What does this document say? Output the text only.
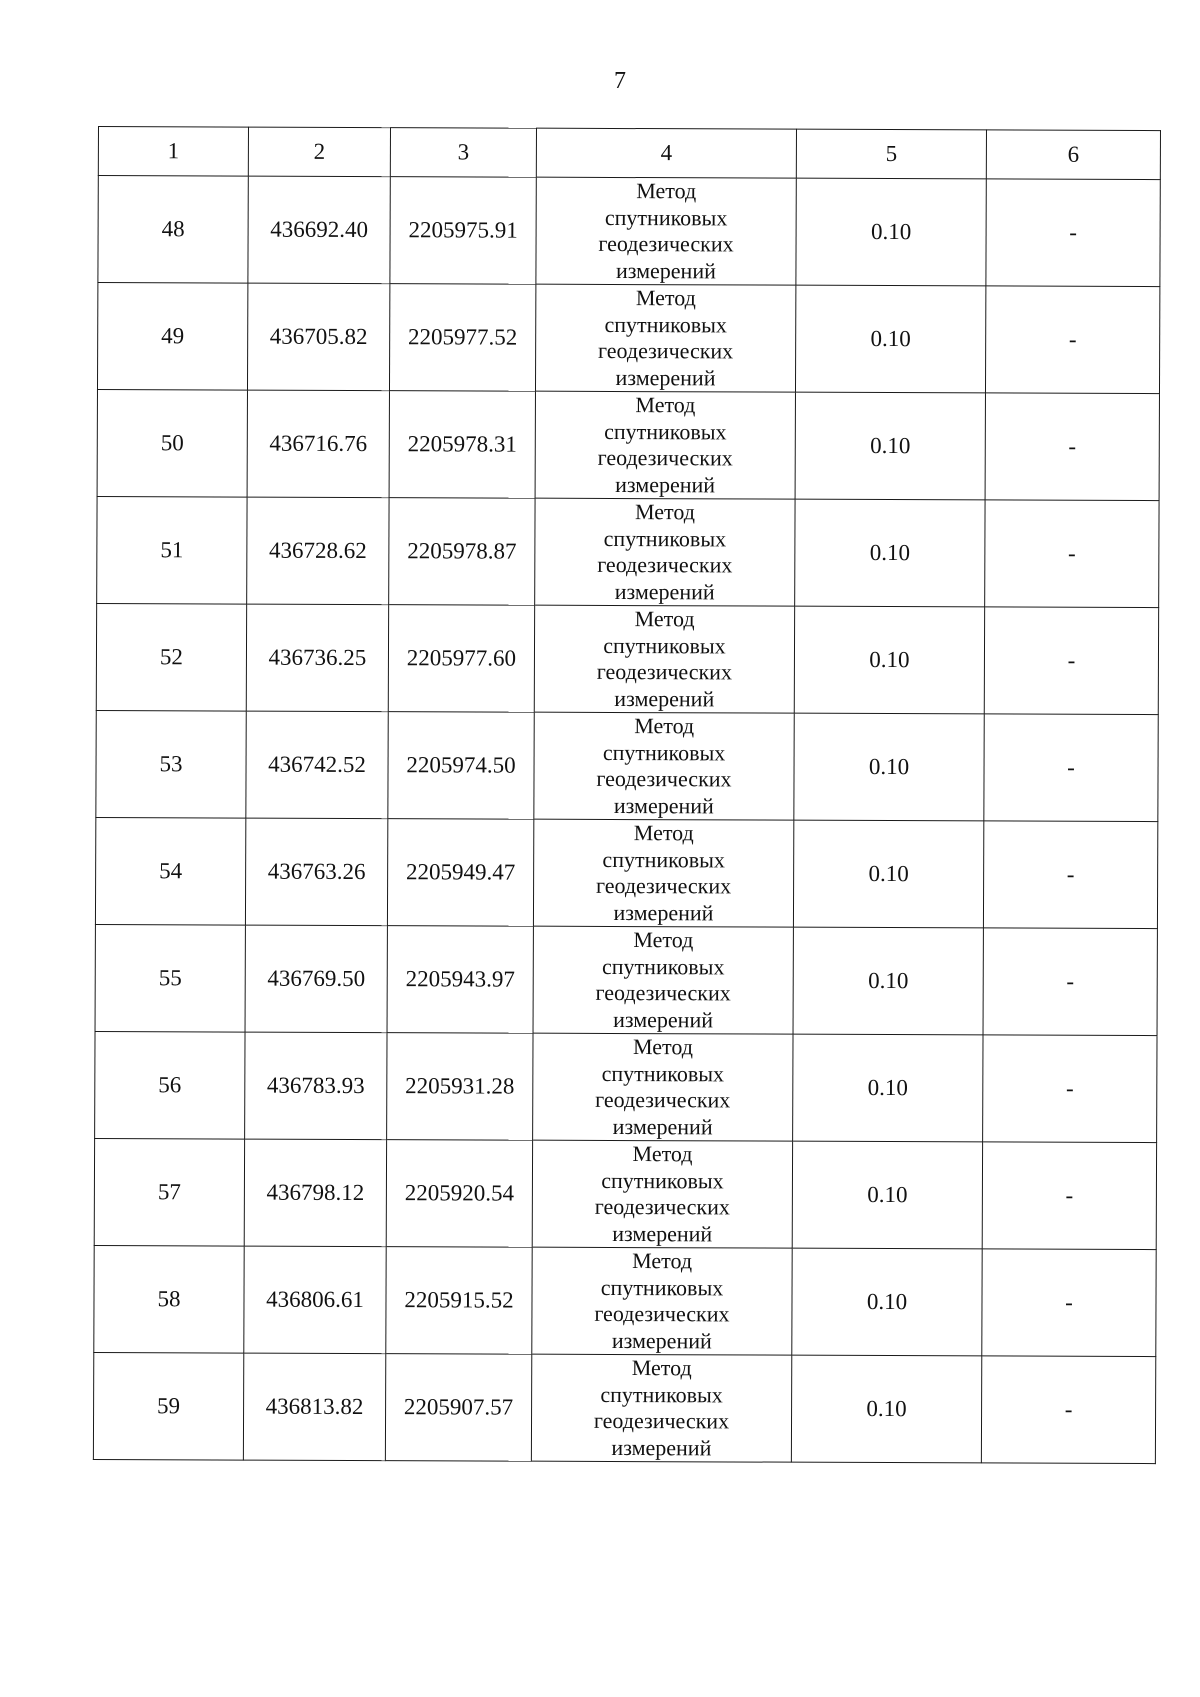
7
1	2	3	4	5	6
48	436692.40	2205975.91	Метод
спутниковых
геодезических
измерений	0.10	-
49	436705.82	2205977.52	Метод
спутниковых
геодезических
измерений	0.10	-
50	436716.76	2205978.31	Метод
спутниковых
геодезических
измерений	0.10	-
51	436728.62	2205978.87	Метод
спутниковых
геодезических
измерений	0.10	-
52	436736.25	2205977.60	Метод
спутниковых
геодезических
измерений	0.10	-
53	436742.52	2205974.50	Метод
спутниковых
геодезических
измерений	0.10	-
54	436763.26	2205949.47	Метод
спутниковых
геодезических
измерений	0.10	-
55	436769.50	2205943.97	Метод
спутниковых
геодезических
измерений	0.10	-
56	436783.93	2205931.28	Метод
спутниковых
геодезических
измерений	0.10	-
57	436798.12	2205920.54	Метод
спутниковых
геодезических
измерений	0.10	-
58	436806.61	2205915.52	Метод
спутниковых
геодезических
измерений	0.10	-
59	436813.82	2205907.57	Метод
спутниковых
геодезических
измерений	0.10	-
